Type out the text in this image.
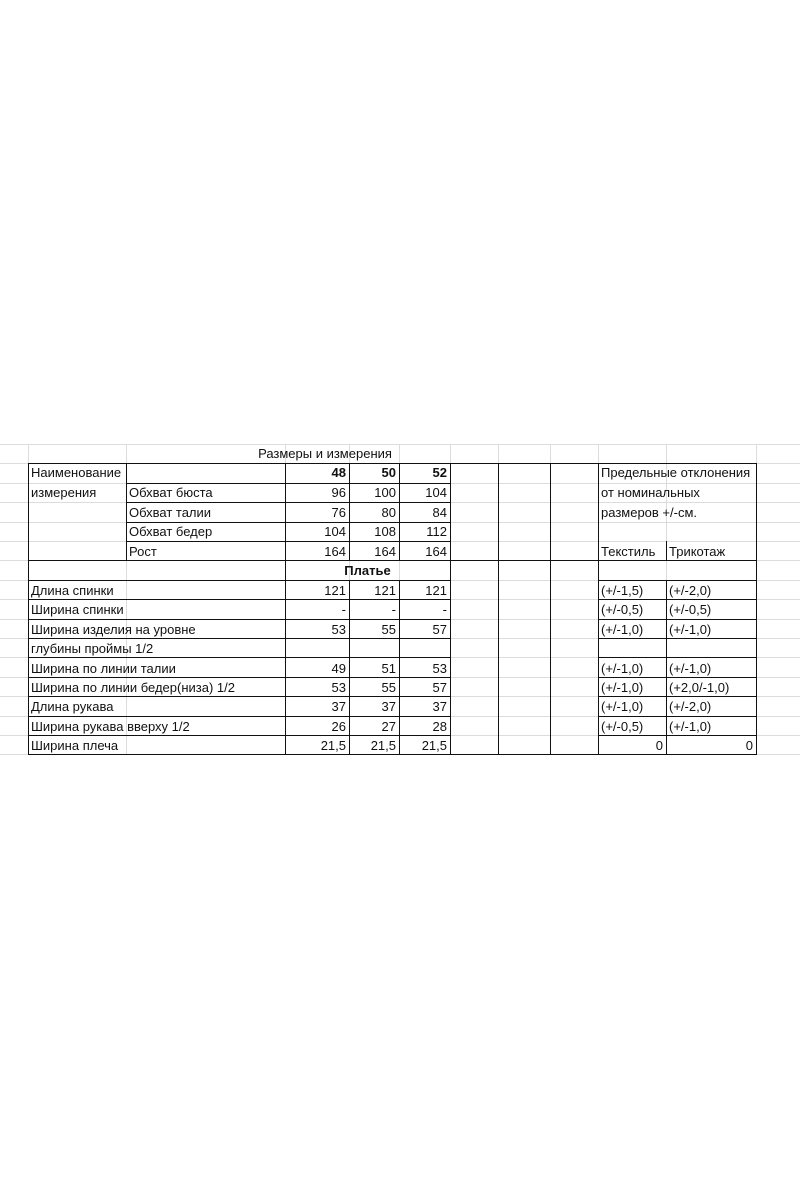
Размеры и измерения
Наименование
измерения
48	50	52	Предельные отклонения
от номинальных
размеров +/-см.
Текстиль	Трикотаж
Обхват бюста	96	100	104
Обхват талии	76	80	84
Обхват бедер	104	108	112
Рост	164	164	164
Платье
Длина спинки	121	121	121	(+/-1,5)	(+/-2,0)
Ширина спинки	-	-	-	(+/-0,5)	(+/-0,5)
Ширина изделия на уровне	53	55	57	(+/-1,0)	(+/-1,0)
глубины проймы 1/2
Ширина по линии талии	49	51	53	(+/-1,0)	(+/-1,0)
Ширина по линии бедер(низа) 1/2	53	55	57	(+/-1,0)	(+2,0/-1,0)
Длина рукава	37	37	37	(+/-1,0)	(+/-2,0)
Ширина рукава вверху 1/2	26	27	28	(+/-0,5)	(+/-1,0)
Ширина плеча	21,5	21,5	21,5	0	0
